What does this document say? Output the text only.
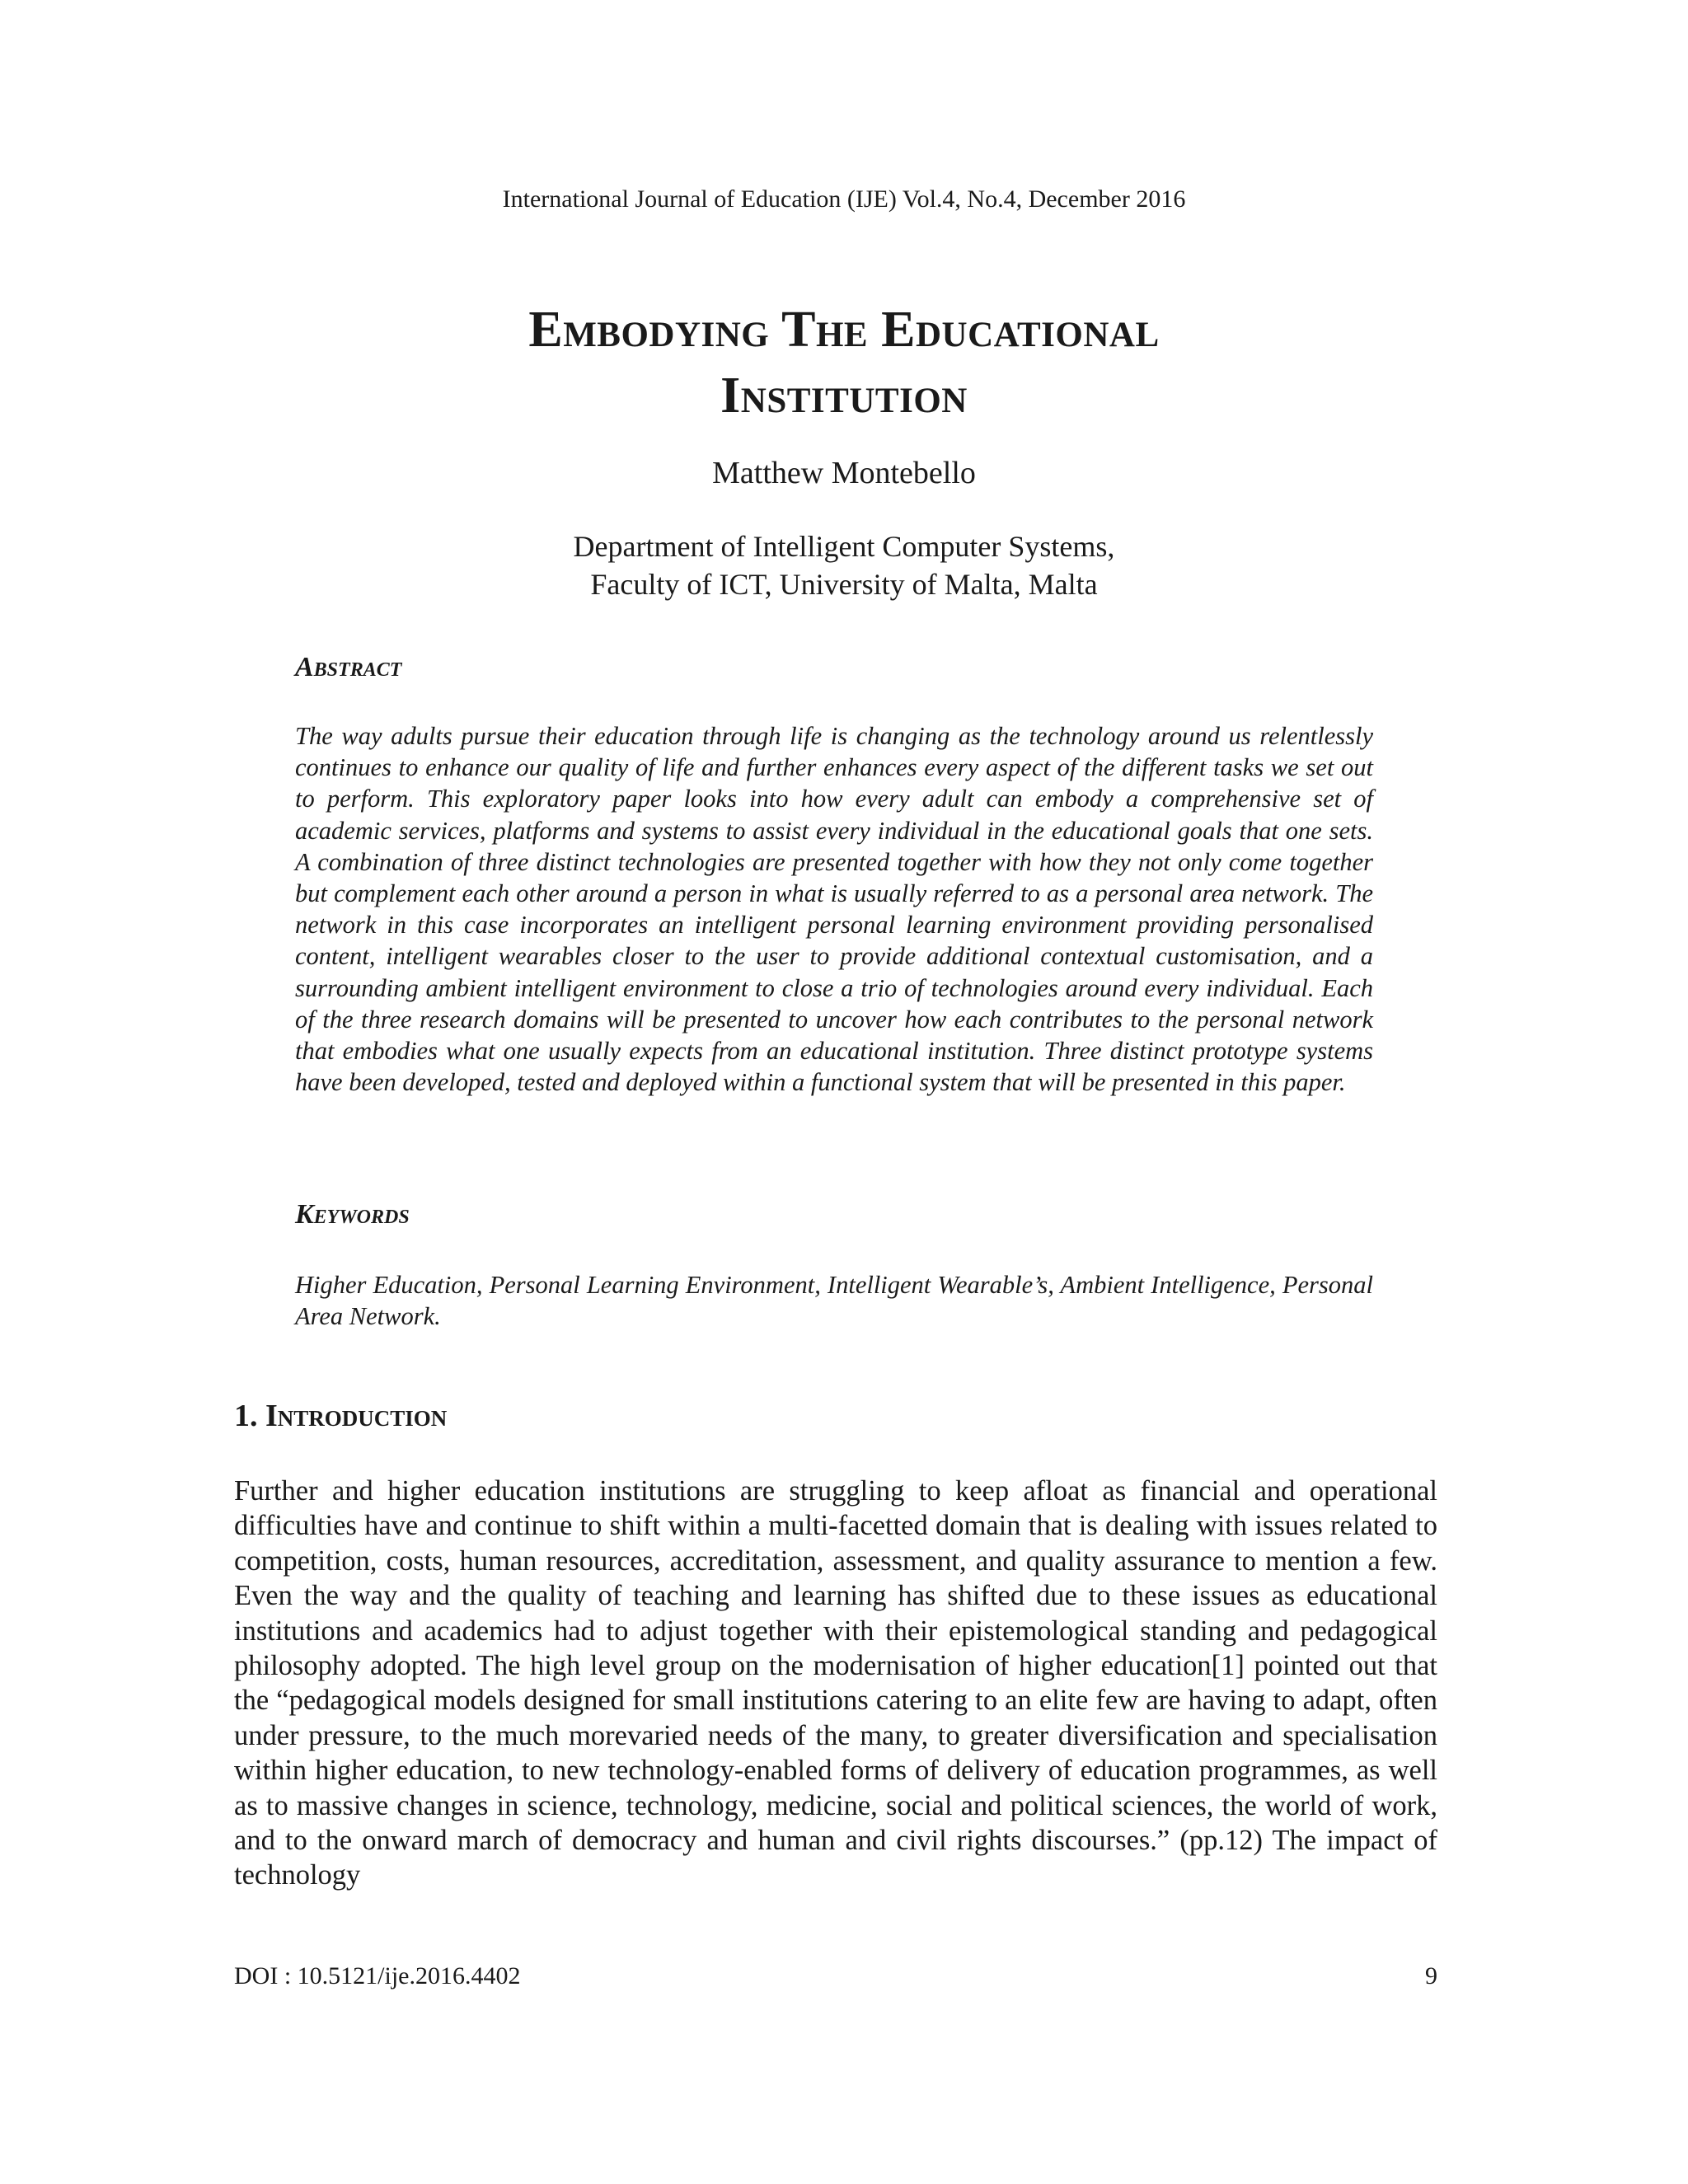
International Journal of Education (IJE) Vol.4, No.4, December 2016
Embodying The Educational
Institution
Matthew Montebello
Department of Intelligent Computer Systems,
Faculty of ICT, University of Malta, Malta
Abstract

The way adults pursue their education through life is changing as the technology around us relentlessly continues to enhance our quality of life and further enhances every aspect of the different tasks we set out to perform. This exploratory paper looks into how every adult can embody a comprehensive set of academic services, platforms and systems to assist every individual in the educational goals that one sets. A combination of three distinct technologies are presented together with how they not only come together but complement each other around a person in what is usually referred to as a personal area network. The network in this case incorporates an intelligent personal learning environment providing personalised content, intelligent wearables closer to the user to provide additional contextual customisation, and a surrounding ambient intelligent environment to close a trio of technologies around every individual. Each of the three research domains will be presented to uncover how each contributes to the personal network that embodies what one usually expects from an educational institution. Three distinct prototype systems have been developed, tested and deployed within a functional system that will be presented in this paper.

Keywords

Higher Education, Personal Learning Environment, Intelligent Wearable’s, Ambient Intelligence, Personal Area Network.

1. Introduction

Further and higher education institutions are struggling to keep afloat as financial and operational difficulties have and continue to shift within a multi-facetted domain that is dealing with issues related to competition, costs, human resources, accreditation, assessment, and quality assurance to mention a few. Even the way and the quality of teaching and learning has shifted due to these issues as educational institutions and academics had to adjust together with their epistemological standing and pedagogical philosophy adopted. The high level group on the modernisation of higher education[1] pointed out that the “pedagogical models designed for small institutions catering to an elite few are having to adapt, often under pressure, to the much morevaried needs of the many, to greater diversification and specialisation within higher education, to new technology-enabled forms of delivery of education programmes, as well as to massive changes in science, technology, medicine, social and political sciences, the world of work, and to the onward march of democracy and human and civil rights discourses.” (pp.12) The impact of technology

DOI : 10.5121/ije.2016.4402	9
